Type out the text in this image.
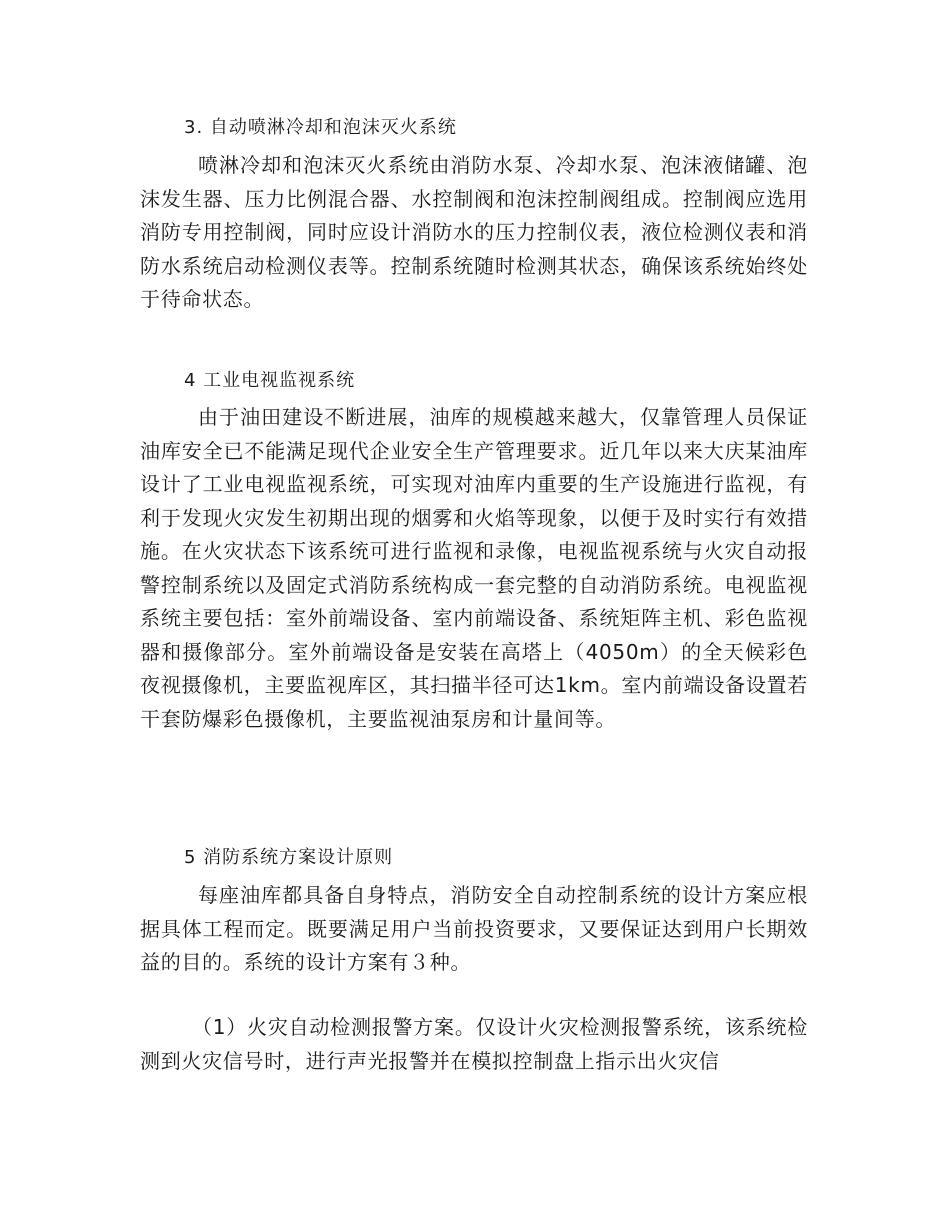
3. 自动喷淋冷却和泡沫灭火系统

喷淋冷却和泡沫灭火系统由消防水泵、冷却水泵、泡沫液储罐、泡沫发生器、压力比例混合器、水控制阀和泡沫控制阀组成。控制阀应选用消防专用控制阀，同时应设计消防水的压力控制仪表，液位检测仪表和消防水系统启动检测仪表等。控制系统随时检测其状态，确保该系统始终处于待命状态。

4 工业电视监视系统

由于油田建设不断进展，油库的规模越来越大，仅靠管理人员保证油库安全已不能满足现代企业安全生产管理要求。近几年以来大庆某油库设计了工业电视监视系统，可实现对油库内重要的生产设施进行监视，有利于发现火灾发生初期出现的烟雾和火焰等现象，以便于及时实行有效措施。在火灾状态下该系统可进行监视和录像，电视监视系统与火灾自动报警控制系统以及固定式消防系统构成一套完整的自动消防系统。电视监视系统主要包括：室外前端设备、室内前端设备、系统矩阵主机、彩色监视器和摄像部分。室外前端设备是安装在高塔上（4050m）的全天候彩色夜视摄像机，主要监视库区，其扫描半径可达1km。室内前端设备设置若干套防爆彩色摄像机，主要监视油泵房和计量间等。

5 消防系统方案设计原则

每座油库都具备自身特点，消防安全自动控制系统的设计方案应根据具体工程而定。既要满足用户当前投资要求，又要保证达到用户长期效益的目的。系统的设计方案有３种。

（1）火灾自动检测报警方案。仅设计火灾检测报警系统，该系统检测到火灾信号时，进行声光报警并在模拟控制盘上指示出火灾信
